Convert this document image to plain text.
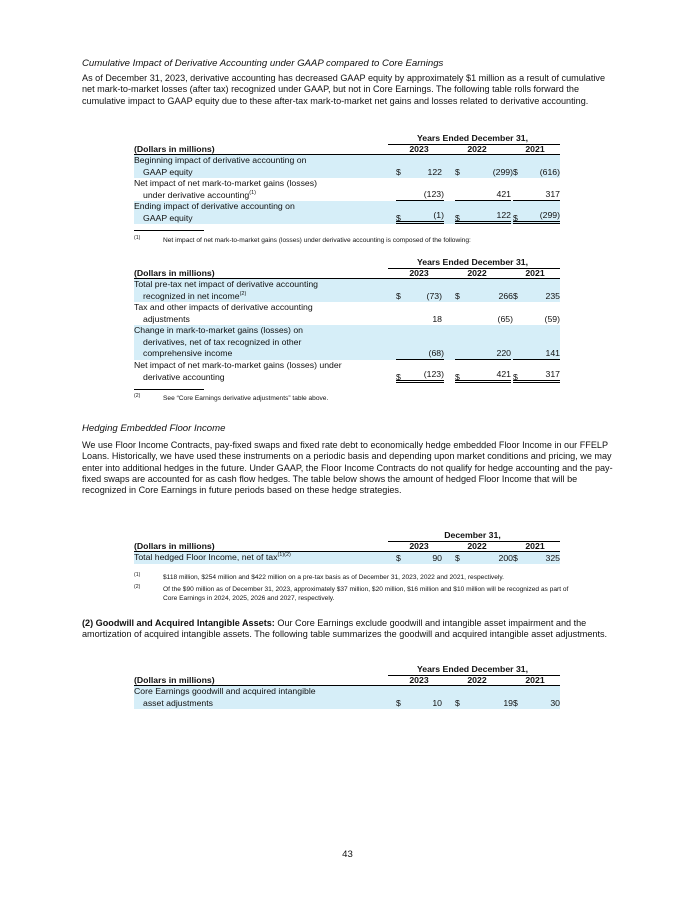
Cumulative Impact of Derivative Accounting under GAAP compared to Core Earnings

As of December 31, 2023, derivative accounting has decreased GAAP equity by approximately $1 million as a result of cumulative net mark-to-market losses (after tax) recognized under GAAP, but not in Core Earnings. The following table rolls forward the cumulative impact to GAAP equity due to these after-tax mark-to-market net gains and losses related to derivative accounting.

Years Ended December 31,
(Dollars in millions)	2023	2022	2021
Beginning impact of derivative accounting on
GAAP equity	$	122 $	(299) $	(616)
Net impact of net mark-to-market gains (losses)
under derivative accounting$^{(1)}$	(123)	421	317
Ending impact of derivative accounting on
GAAP equity	$	(1) $	122 $	(299)
(1)	Net impact of net mark-to-market gains (losses) under derivative accounting is composed of the following:
Years Ended December 31,
(Dollars in millions)	2023	2022	2021
Total pre-tax net impact of derivative accounting
recognized in net income$^{(2)}$	$	(73) $	266 $	235
Tax and other impacts of derivative accounting
adjustments	18	(65)	(59)
Change in mark-to-market gains (losses) on
derivatives, net of tax recognized in other
comprehensive income	(68)	220	141
Net impact of net mark-to-market gains (losses) under
derivative accounting	$	(123) $	421 $	317
(2)	See “Core Earnings derivative adjustments” table above.
Hedging Embedded Floor Income

We use Floor Income Contracts, pay-fixed swaps and fixed rate debt to economically hedge embedded Floor Income in our FFELP Loans. Historically, we have used these instruments on a periodic basis and depending upon market conditions and pricing, we may enter into additional hedges in the future. Under GAAP, the Floor Income Contracts do not qualify for hedge accounting and the pay-fixed swaps are accounted for as cash flow hedges. The table below shows the amount of hedged Floor Income that will be recognized in Core Earnings in future periods based on these hedge strategies.

December 31,
(Dollars in millions)	2023	2022	2021
Total hedged Floor Income, net of tax$^{(1)(2)}$	$	90 $	200 $	325
(1)	$118 million, $254 million and $422 million on a pre-tax basis as of December 31, 2023, 2022 and 2021, respectively.
(2)	Of the $90 million as of December 31, 2023, approximately $37 million, $20 million, $16 million and $10 million will be recognized as part of Core Earnings in 2024, 2025, 2026 and 2027, respectively.

(2) Goodwill and Acquired Intangible Assets: Our Core Earnings exclude goodwill and intangible asset impairment and the amortization of acquired intangible assets. The following table summarizes the goodwill and acquired intangible asset adjustments.

Years Ended December 31,
(Dollars in millions)	2023	2022	2021
Core Earnings goodwill and acquired intangible
asset adjustments	$	10 $	19 $	30
43
